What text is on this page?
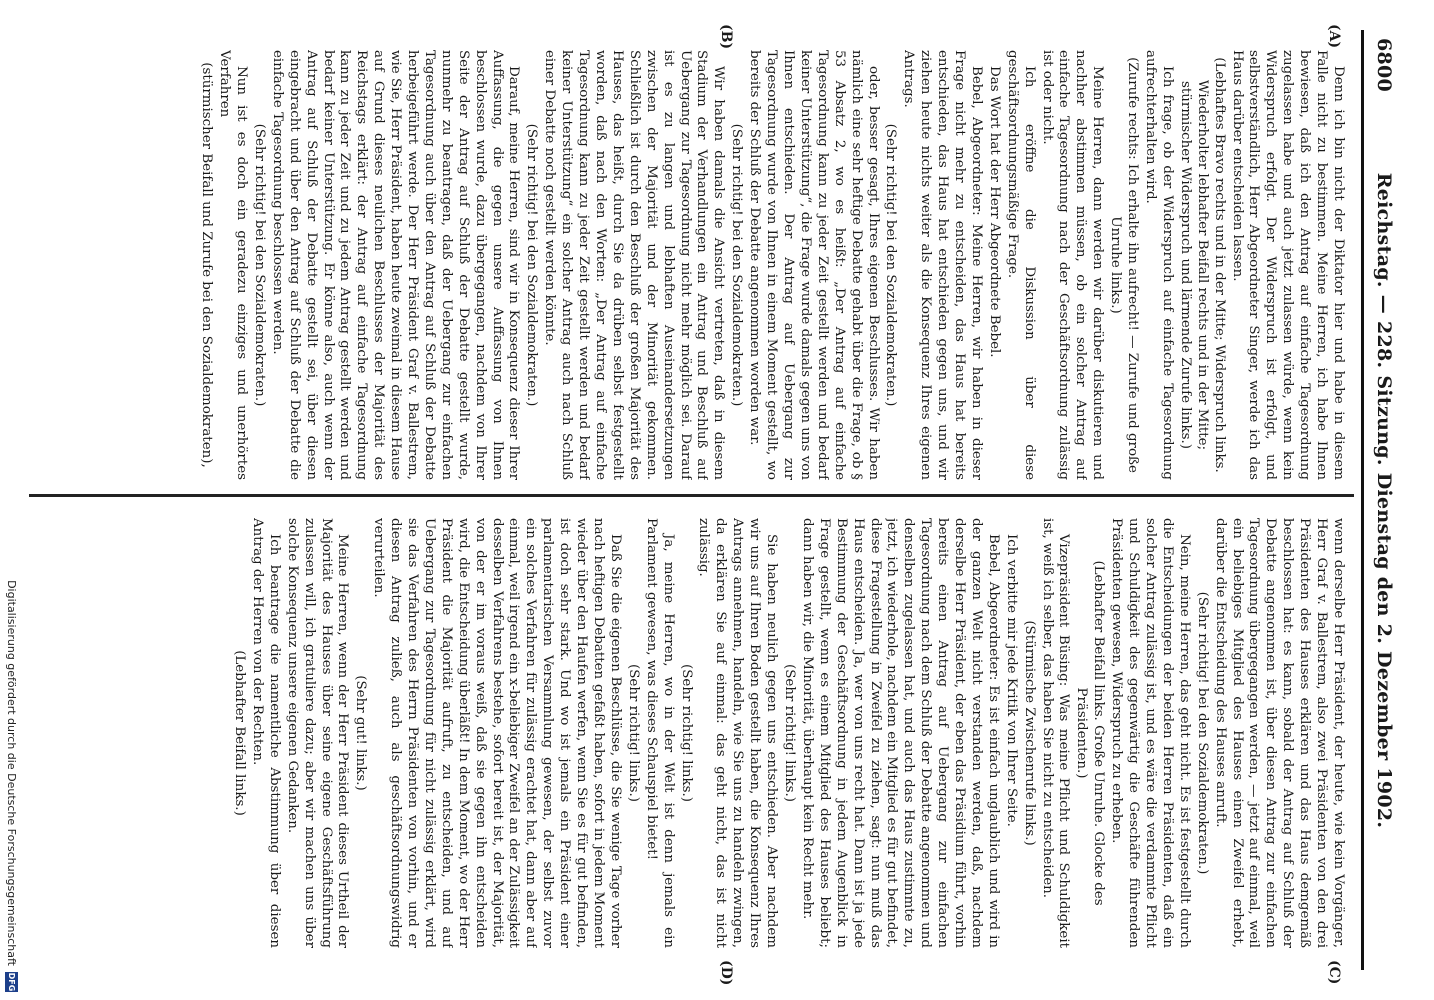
6800
Reichstag. — 228. Sitzung. Dienstag den 2. Dezember 1902.
(A)
(B)
(C)
(D)

Denn ich bin nicht der Diktator hier und habe in diesem Falle nicht zu bestimmen. Meine Herren, ich habe Ihnen bewiesen, daß ich den Antrag auf einfache Tagesordnung zugelassen habe und auch jetzt zulassen würde, wenn kein Widerspruch erfolgt. Der Widerspruch ist erfolgt, und selbstverständlich, Herr Abgeordneter Singer, werde ich das Haus darüber entscheiden lassen.

(Lebhaftes Bravo rechts und in der Mitte; Widerspruch links. Wiederholter lebhafter Beifall rechts und in der Mitte; stürmischer Widerspruch und lärmende Zurufe links.)

Ich frage, ob der Widerspruch auf einfache Tagesordnung aufrechterhalten wird.

(Zurufe rechts: Ich erhalte ihn aufrecht! — Zurufe und große Unruhe links.)

Meine Herren, dann werden wir darüber diskutieren und nachher abstimmen müssen, ob ein solcher Antrag auf einfache Tagesordnung nach der Geschäftsordnung zulässig ist oder nicht.

Ich eröffne die Diskussion über diese geschäftsordnungsmäßige Frage.

Das Wort hat der Herr Abgeordnete Bebel.

Bebel, Abgeordneter: Meine Herren, wir haben in dieser Frage nicht mehr zu entscheiden, das Haus hat bereits entschieden, das Haus hat entschieden gegen uns, und wir ziehen heute nichts weiter als die Konsequenz Ihres eigenen Antrags.

(Sehr richtig! bei den Sozialdemokraten.)

oder, besser gesagt, Ihres eigenen Beschlusses. Wir haben nämlich eine sehr heftige Debatte gehabt über die Frage, ob § 53 Absatz 2, wo es heißt: „Der Antrag auf einfache Tagesordnung kann zu jeder Zeit gestellt werden und bedarf keiner Unterstützung“, die Frage wurde damals gegen uns von Ihnen entschieden. Der Antrag auf Uebergang zur Tagesordnung wurde von Ihnen in einem Moment gestellt, wo bereits der Schluß der Debatte angenommen worden war.

(Sehr richtig! bei den Sozialdemokraten.)

Wir haben damals die Ansicht vertreten, daß in diesem Stadium der Verhandlungen ein Antrag und Beschluß auf Uebergang zur Tagesordnung nicht mehr möglich sei. Darauf ist es zu langen und lebhaften Auseinandersetzungen zwischen der Majorität und der Minorität gekommen. Schließlich ist durch den Beschluß der großen Majorität des Hauses, das heißt, durch Sie da drüben selbst festgestellt worden, daß nach den Worten: „Der Antrag auf einfache Tagesordnung kann zu jeder Zeit gestellt werden und bedarf keiner Unterstützung“ ein solcher Antrag auch nach Schluß einer Debatte noch gestellt werden könnte.

(Sehr richtig! bei den Sozialdemokraten.)

Darauf, meine Herren, sind wir in Konsequenz dieser Ihrer Auffassung, die gegen unsere Auffassung von Ihnen beschlossen wurde, dazu übergegangen, nachdem von Ihrer Seite der Antrag auf Schluß der Debatte gestellt wurde, nunmehr zu beantragen, daß der Uebergang zur einfachen Tagesordnung auch über den Antrag auf Schluß der Debatte herbeigeführt werde. Der Herr Präsident Graf v. Ballestrem, wie Sie, Herr Präsident, haben heute zweimal in diesem Hause auf Grund dieses neulichen Beschlusses der Majorität des Reichstags erklärt: der Antrag auf einfache Tagesordnung kann zu jeder Zeit und zu jedem Antrag gestellt werden und bedarf keiner Unterstützung. Er könne also, auch wenn der Antrag auf Schluß der Debatte gestellt sei, über diesen eingebracht und über den Antrag auf Schluß der Debatte die einfache Tagesordnung beschlossen werden.

(Sehr richtig! bei den Sozialdemokraten.)

Nun ist es doch ein geradezu einziges und unerhörtes Verfahren

(stürmischer Beifall und Zurufe bei den Sozialdemokraten),

wenn derselbe Herr Präsident, der heute, wie kein Vorgänger, Herr Graf v. Ballestrem, also zwei Präsidenten von den drei Präsidenten des Hauses erklären und das Haus demgemäß beschlossen hat: es kann, sobald der Antrag auf Schluß der Debatte angenommen ist, über diesen Antrag zur einfachen Tagesordnung übergegangen werden, — jetzt auf einmal, weil ein beliebiges Mitglied des Hauses einen Zweifel erhebt, darüber die Entscheidung des Hauses anruft.

(Sehr richtig! bei den Sozialdemokraten.)

Nein, meine Herren, das geht nicht. Es ist festgestellt durch die Entscheidungen der beiden Herren Präsidenten, daß ein solcher Antrag zulässig ist, und es wäre die verdammte Pflicht und Schuldigkeit des gegenwärtig die Geschäfte führenden Präsidenten gewesen, Widerspruch zu erheben.

(Lebhafter Beifall links. Große Unruhe. Glocke des Präsidenten.)

Vizepräsident Büsing: Was meine Pflicht und Schuldigkeit ist, weiß ich selber, das haben Sie nicht zu entscheiden.

(Stürmische Zwischenrufe links.)

Ich verbitte mir jede Kritik von Ihrer Seite.

Bebel, Abgeordneter: Es ist einfach unglaublich und wird in der ganzen Welt nicht verstanden werden, daß, nachdem derselbe Herr Präsident, der eben das Präsidium führt, vorhin bereits einen Antrag auf Uebergang zur einfachen Tagesordnung nach dem Schluß der Debatte angenommen und denselben zugelassen hat, und auch das Haus zustimmte zu, jetzt, ich wiederhole, nachdem ein Mitglied es für gut befindet, diese Fragestellung in Zweifel zu ziehen, sagt: nun muß das Haus entscheiden. Ja, wer von uns recht hat. Dann ist ja jede Bestimmung der Geschäftsordnung in jedem Augenblick in Frage gestellt, wenn es einem Mitglied des Hauses beliebt; dann haben wir, die Minorität, überhaupt kein Recht mehr.

(Sehr richtig! links.)

Sie haben neulich gegen uns entschieden. Aber nachdem wir uns auf Ihren Boden gestellt haben, die Konsequenz Ihres Antrags annehmen, handeln, wie Sie uns zu handeln zwingen, da erklären Sie auf einmal: das geht nicht, das ist nicht zulässig.

(Sehr richtig! links.)

Ja, meine Herren, wo in der Welt ist denn jemals ein Parlament gewesen, was dieses Schauspiel bietet!

(Sehr richtig! links.)

Daß Sie die eigenen Beschlüsse, die Sie wenige Tage vorher nach heftigen Debatten gefaßt haben, sofort in jedem Moment wieder über den Haufen werfen, wenn Sie es für gut befinden, ist doch sehr stark. Und wo ist jemals ein Präsident einer parlamentarischen Versammlung gewesen, der selbst zuvor ein solches Verfahren für zulässig erachtet hat, dann aber auf einmal, weil irgend ein x-beliebiger Zweifel an der Zulässigkeit desselben Verfahrens bestehe, sofort bereit ist, der Majorität, von der er im voraus weiß, daß sie gegen ihn entscheiden wird, die Entscheidung überläßt! In dem Moment, wo der Herr Präsident die Majorität aufruft, zu entscheiden, und auf Uebergang zur Tagesordnung für nicht zulässig erklärt, wird sie das Verfahren des Herrn Präsidenten von vorhin, und er diesen Antrag zuließ, auch als geschäftsordnungswidrig verurteilen.

(Sehr gut! links.)

Meine Herren, wenn der Herr Präsident dieses Urtheil der Majorität des Hauses über seine eigene Geschäftsführung zulassen will, ich gratuliere dazu; aber wir machen uns über solche Konsequenz unsere eigenen Gedanken.

Ich beantrage die namentliche Abstimmung über diesen Antrag der Herren von der Rechten.

(Lebhafter Beifall links.)

Digitalisierung gefördert durch die Deutsche Forschungsgemeinschaft
DFG
